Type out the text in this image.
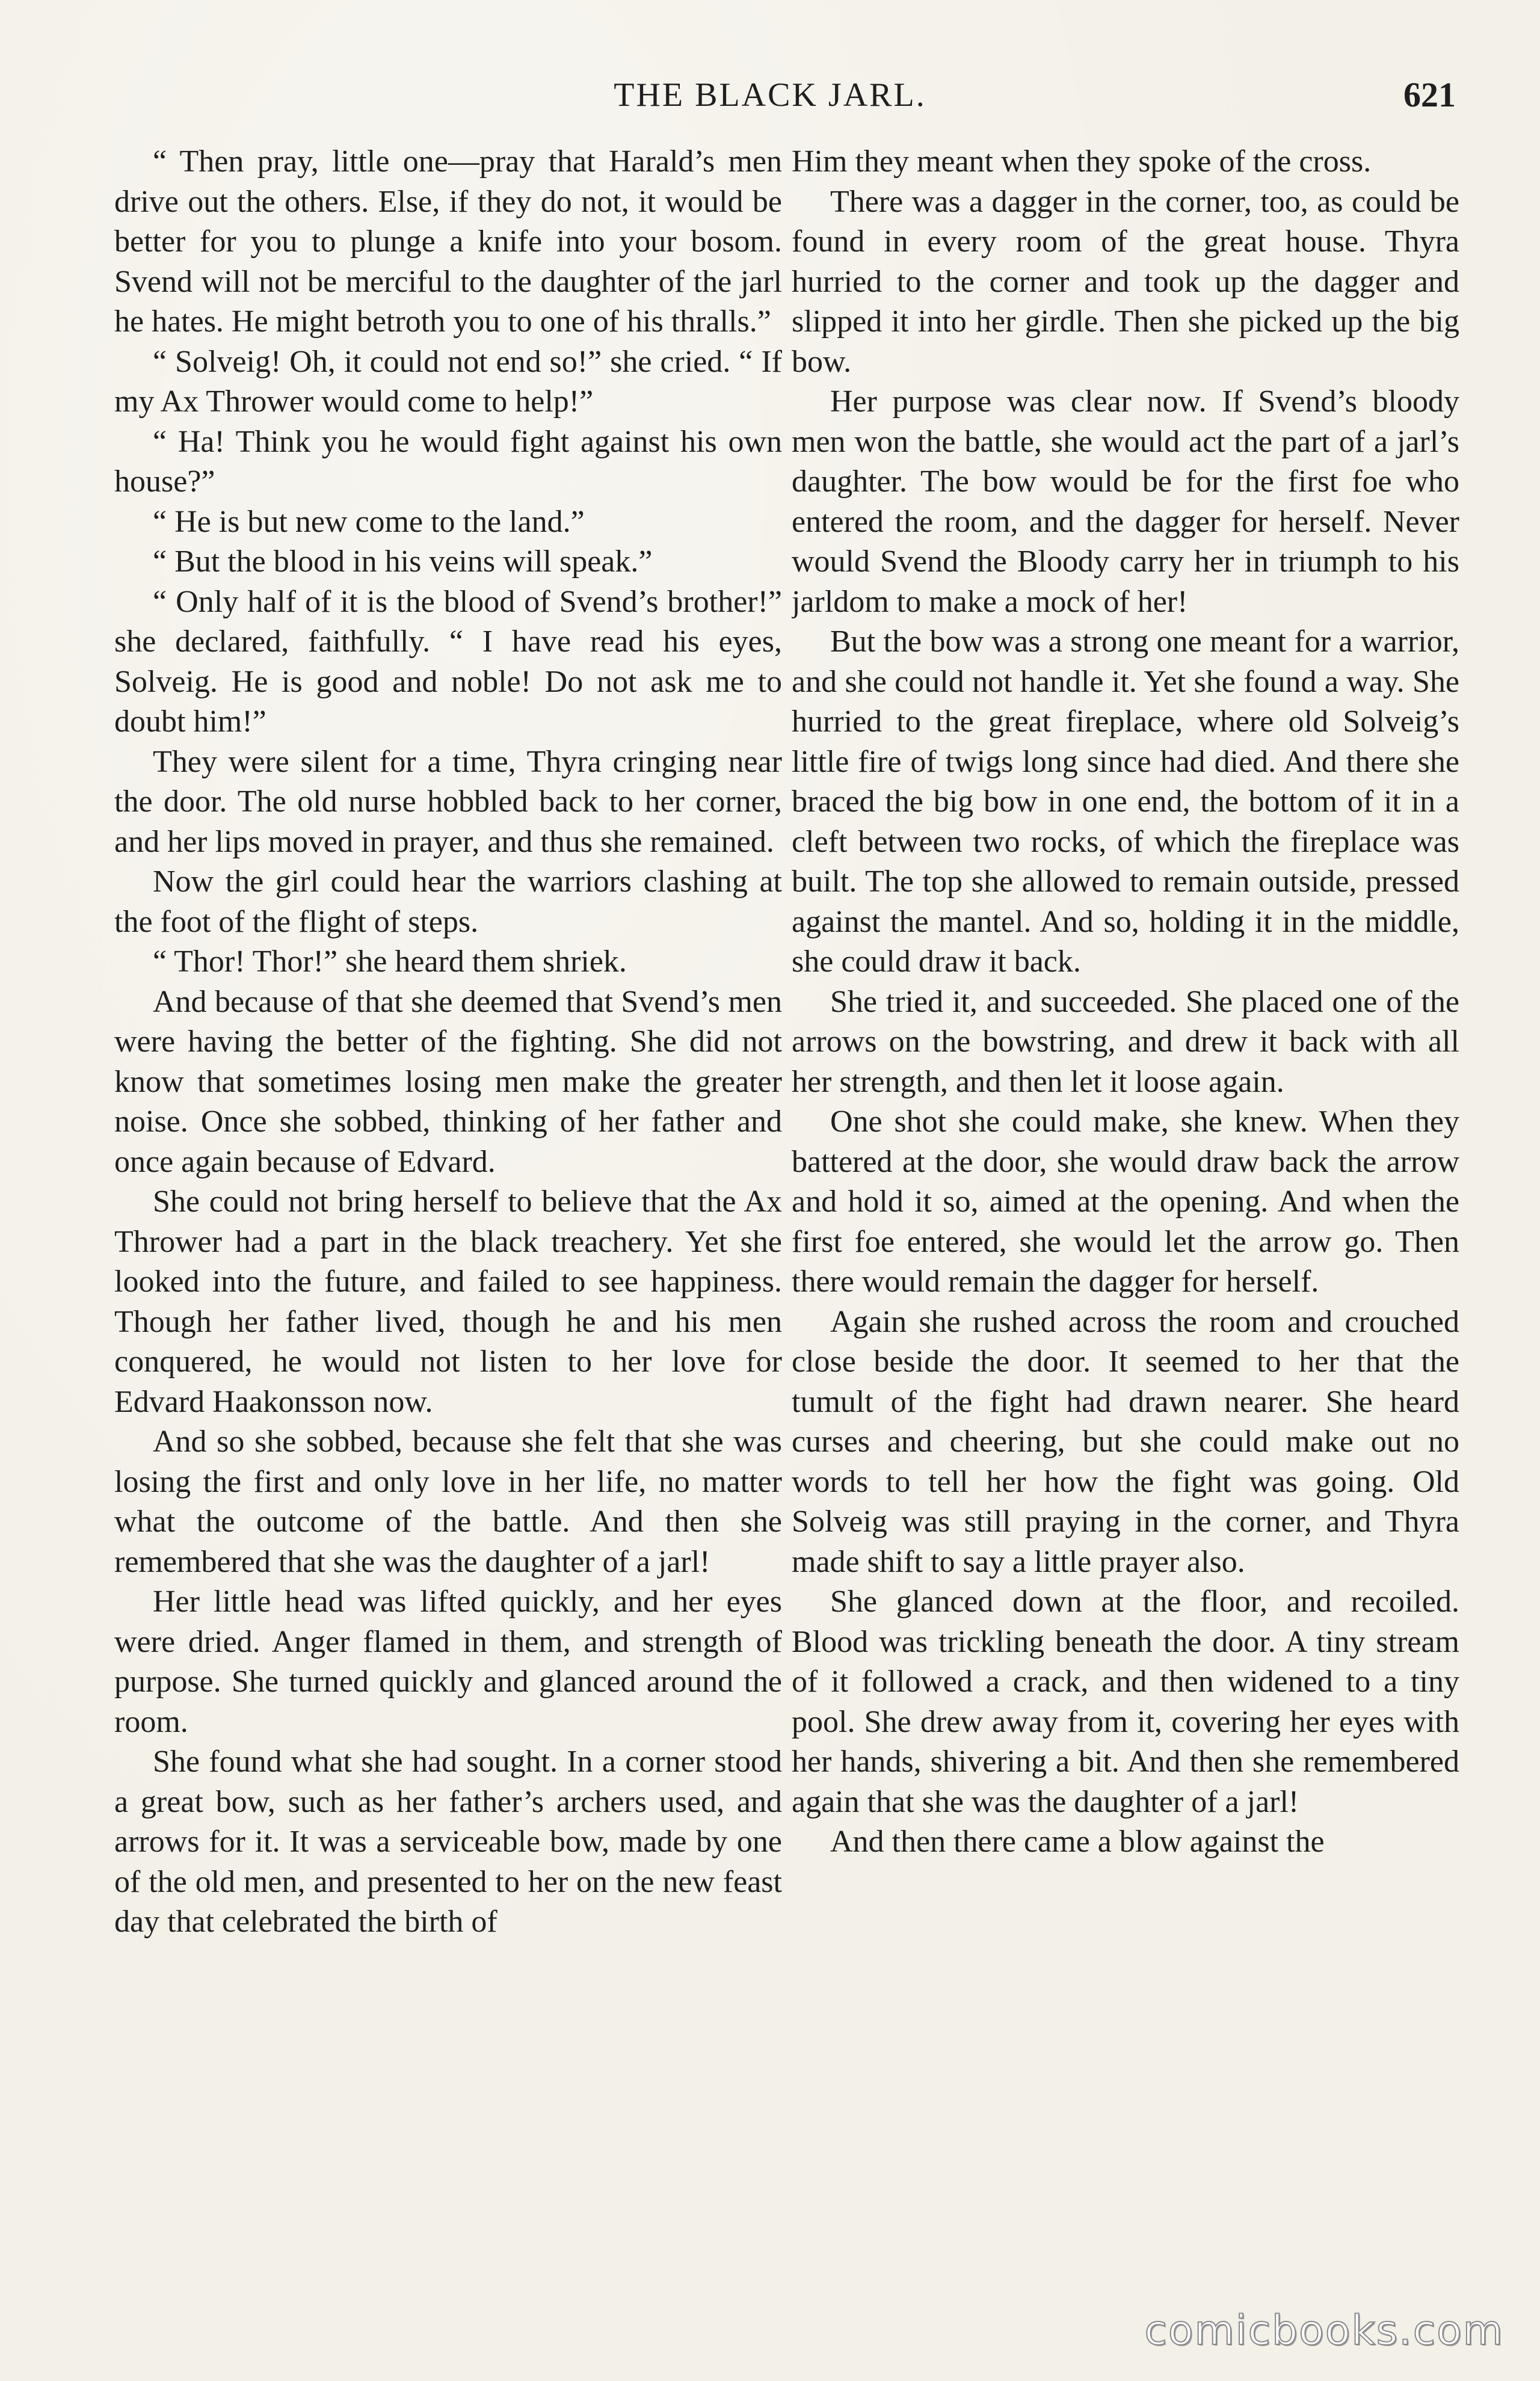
THE BLACK JARL.	621

“ Then pray, little one—pray that Harald’s men drive out the others. Else, if they do not, it would be better for you to plunge a knife into your bosom. Svend will not be merciful to the daughter of the jarl he hates. He might betroth you to one of his thralls.”

“ Solveig! Oh, it could not end so!” she cried. “ If my Ax Thrower would come to help!”

“ Ha! Think you he would fight against his own house?”

“ He is but new come to the land.”

“ But the blood in his veins will speak.”

“ Only half of it is the blood of Svend’s brother!” she declared, faithfully. “ I have read his eyes, Solveig. He is good and noble! Do not ask me to doubt him!”

They were silent for a time, Thyra cringing near the door. The old nurse hobbled back to her corner, and her lips moved in prayer, and thus she remained.

Now the girl could hear the warriors clashing at the foot of the flight of steps.

“ Thor! Thor!” she heard them shriek.

And because of that she deemed that Svend’s men were having the better of the fighting. She did not know that sometimes losing men make the greater noise. Once she sobbed, thinking of her father and once again because of Edvard.

She could not bring herself to believe that the Ax Thrower had a part in the black treachery. Yet she looked into the future, and failed to see happiness. Though her father lived, though he and his men conquered, he would not listen to her love for Edvard Haakonsson now.

And so she sobbed, because she felt that she was losing the first and only love in her life, no matter what the outcome of the battle. And then she remembered that she was the daughter of a jarl!

Her little head was lifted quickly, and her eyes were dried. Anger flamed in them, and strength of purpose. She turned quickly and glanced around the room.

She found what she had sought. In a corner stood a great bow, such as her father’s archers used, and arrows for it. It was a serviceable bow, made by one of the old men, and presented to her on the new feast day that celebrated the birth of

Him they meant when they spoke of the cross.

There was a dagger in the corner, too, as could be found in every room of the great house. Thyra hurried to the corner and took up the dagger and slipped it into her girdle. Then she picked up the big bow.

Her purpose was clear now. If Svend’s bloody men won the battle, she would act the part of a jarl’s daughter. The bow would be for the first foe who entered the room, and the dagger for herself. Never would Svend the Bloody carry her in triumph to his jarldom to make a mock of her!

But the bow was a strong one meant for a warrior, and she could not handle it. Yet she found a way. She hurried to the great fireplace, where old Solveig’s little fire of twigs long since had died. And there she braced the big bow in one end, the bottom of it in a cleft between two rocks, of which the fireplace was built. The top she allowed to remain outside, pressed against the mantel. And so, holding it in the middle, she could draw it back.

She tried it, and succeeded. She placed one of the arrows on the bowstring, and drew it back with all her strength, and then let it loose again.

One shot she could make, she knew. When they battered at the door, she would draw back the arrow and hold it so, aimed at the opening. And when the first foe entered, she would let the arrow go. Then there would remain the dagger for herself.

Again she rushed across the room and crouched close beside the door. It seemed to her that the tumult of the fight had drawn nearer. She heard curses and cheering, but she could make out no words to tell her how the fight was going. Old Solveig was still praying in the corner, and Thyra made shift to say a little prayer also.

She glanced down at the floor, and recoiled. Blood was trickling beneath the door. A tiny stream of it followed a crack, and then widened to a tiny pool. She drew away from it, covering her eyes with her hands, shivering a bit. And then she remembered again that she was the daughter of a jarl!

And then there came a blow against the

comicbooks.com
